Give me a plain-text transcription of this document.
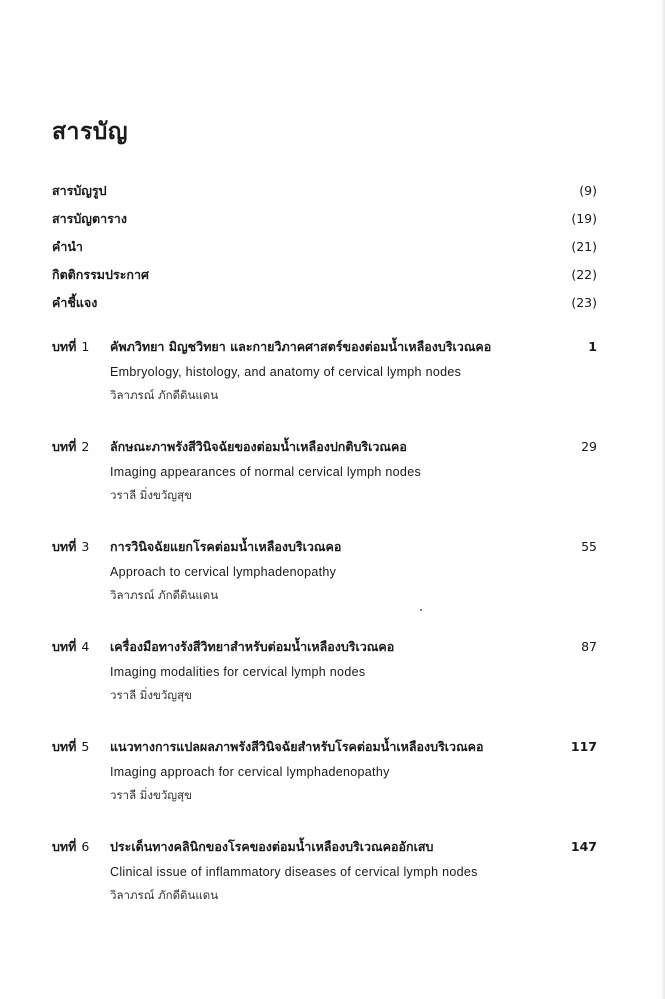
สารบัญ
สารบัญรูป	(9)
สารบัญตาราง	(19)
คำนำ	(21)
กิตติกรรมประกาศ	(22)
คำชี้แจง	(23)
บทที่ 1	คัพภวิทยา มิญชวิทยา และกายวิภาคศาสตร์ของต่อมน้ำเหลืองบริเวณคอ	1
Embryology, histology, and anatomy of cervical lymph nodes
วิลาภรณ์ ภักดีดินแดน
บทที่ 2	ลักษณะภาพรังสีวินิจฉัยของต่อมน้ำเหลืองปกติบริเวณคอ	29
Imaging appearances of normal cervical lymph nodes
วราลี มิ่งขวัญสุข
บทที่ 3	การวินิจฉัยแยกโรคต่อมน้ำเหลืองบริเวณคอ	55
Approach to cervical lymphadenopathy
วิลาภรณ์ ภักดีดินแดน
บทที่ 4	เครื่องมือทางรังสีวิทยาสำหรับต่อมน้ำเหลืองบริเวณคอ	87
Imaging modalities for cervical lymph nodes
วราลี มิ่งขวัญสุข
บทที่ 5	แนวทางการแปลผลภาพรังสีวินิจฉัยสำหรับโรคต่อมน้ำเหลืองบริเวณคอ	117
Imaging approach for cervical lymphadenopathy
วราลี มิ่งขวัญสุข
บทที่ 6	ประเด็นทางคลินิกของโรคของต่อมน้ำเหลืองบริเวณคออักเสบ	147
Clinical issue of inflammatory diseases of cervical lymph nodes
วิลาภรณ์ ภักดีดินแดน
